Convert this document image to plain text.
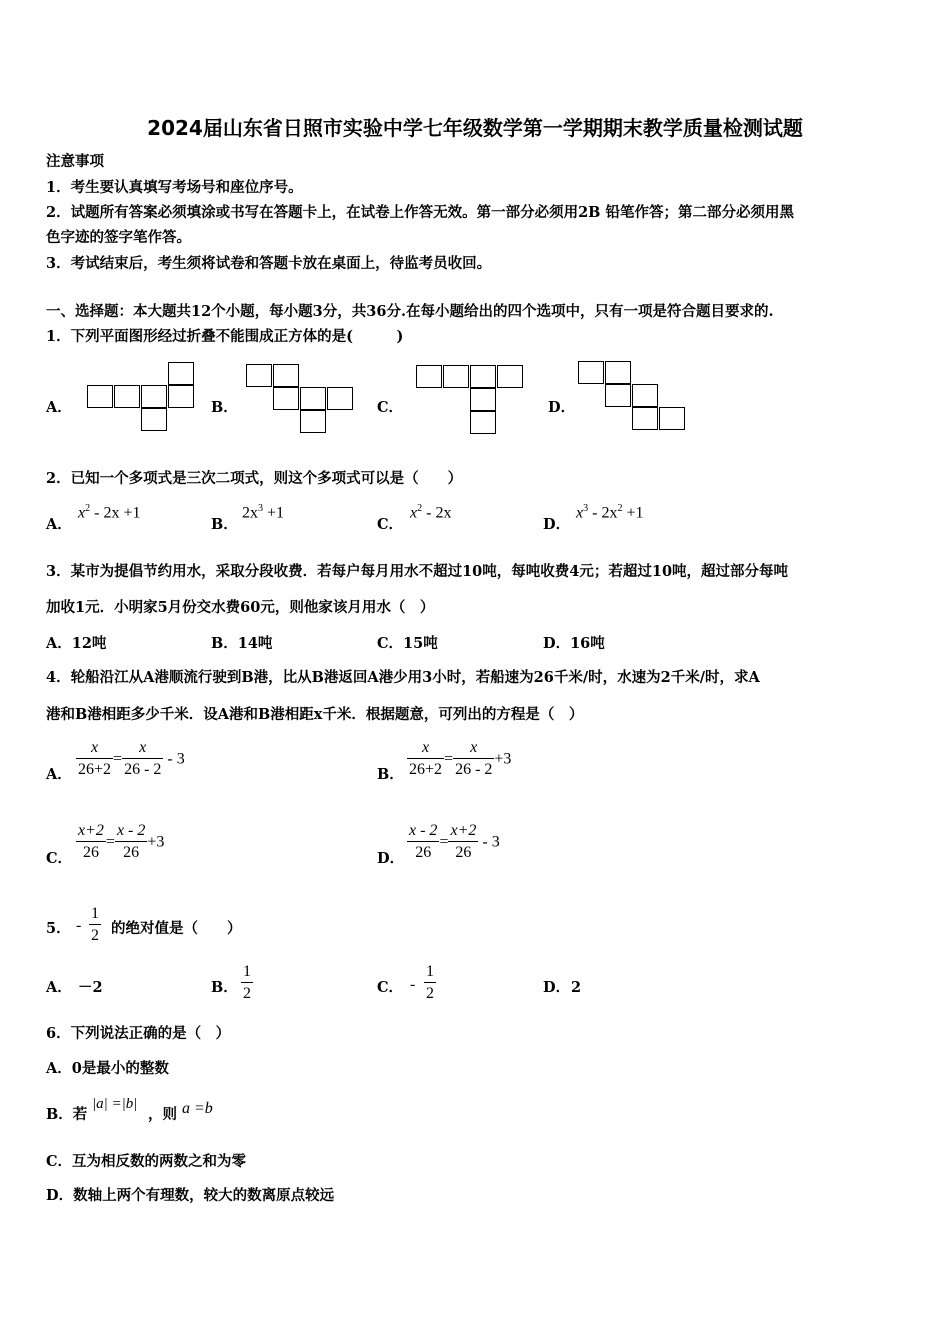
2024届山东省日照市实验中学七年级数学第一学期期末教学质量检测试题
注意事项
1．考生要认真填写考场号和座位序号。
2．试题所有答案必须填涂或书写在答题卡上，在试卷上作答无效。第一部分必须用2B 铅笔作答；第二部分必须用黑
色字迹的签字笔作答。
3．考试结束后，考生须将试卷和答题卡放在桌面上，待监考员收回。
一、选择题：本大题共12个小题，每小题3分，共36分.在每小题给出的四个选项中，只有一项是符合题目要求的.
1．下列平面图形经过折叠不能围成正方体的是(　　　)
A．	B．	C．	D．
2．已知一个多项式是三次二项式，则这个多项式可以是（　　）
A．
$x^2 - 2x +1$
B．
$2x^3 +1$
C．
$x^2 - 2x$
D．
$x^3 - 2x^2 +1$
3．某市为提倡节约用水，采取分段收费．若每户每月用水不超过10吨，每吨收费4元；若超过10吨，超过部分每吨
加收1元．小明家5月份交水费60元，则他家该月用水（　）
A．12吨	B．14吨	C．15吨	D．16吨
4．轮船沿江从A港顺流行驶到B港，比从B港返回A港少用3小时，若船速为26千米/时，水速为2千米/时，求A
港和B港相距多少千米．设A港和B港相距x千米．根据题意，可列出的方程是（　）
A． $\frac{x}{26+2} = \frac{x}{26 - 2} - 3$
B． $\frac{x}{26+2} = \frac{x}{26 - 2} +3$
C． $\frac{x+2}{26} = \frac{x - 2}{26} +3$
D． $\frac{x - 2}{26} = \frac{x+2}{26} - 3$
5． - $\frac{1}{2}$ 的绝对值是（　　）
A． －2	B． $\frac{1}{2}$	C． - $\frac{1}{2}$	D． 2
6．下列说法正确的是（　）
A．0是最小的整数
B．若
|a| =|b|
，则 a =b
C．互为相反数的两数之和为零
D．数轴上两个有理数，较大的数离原点较远
